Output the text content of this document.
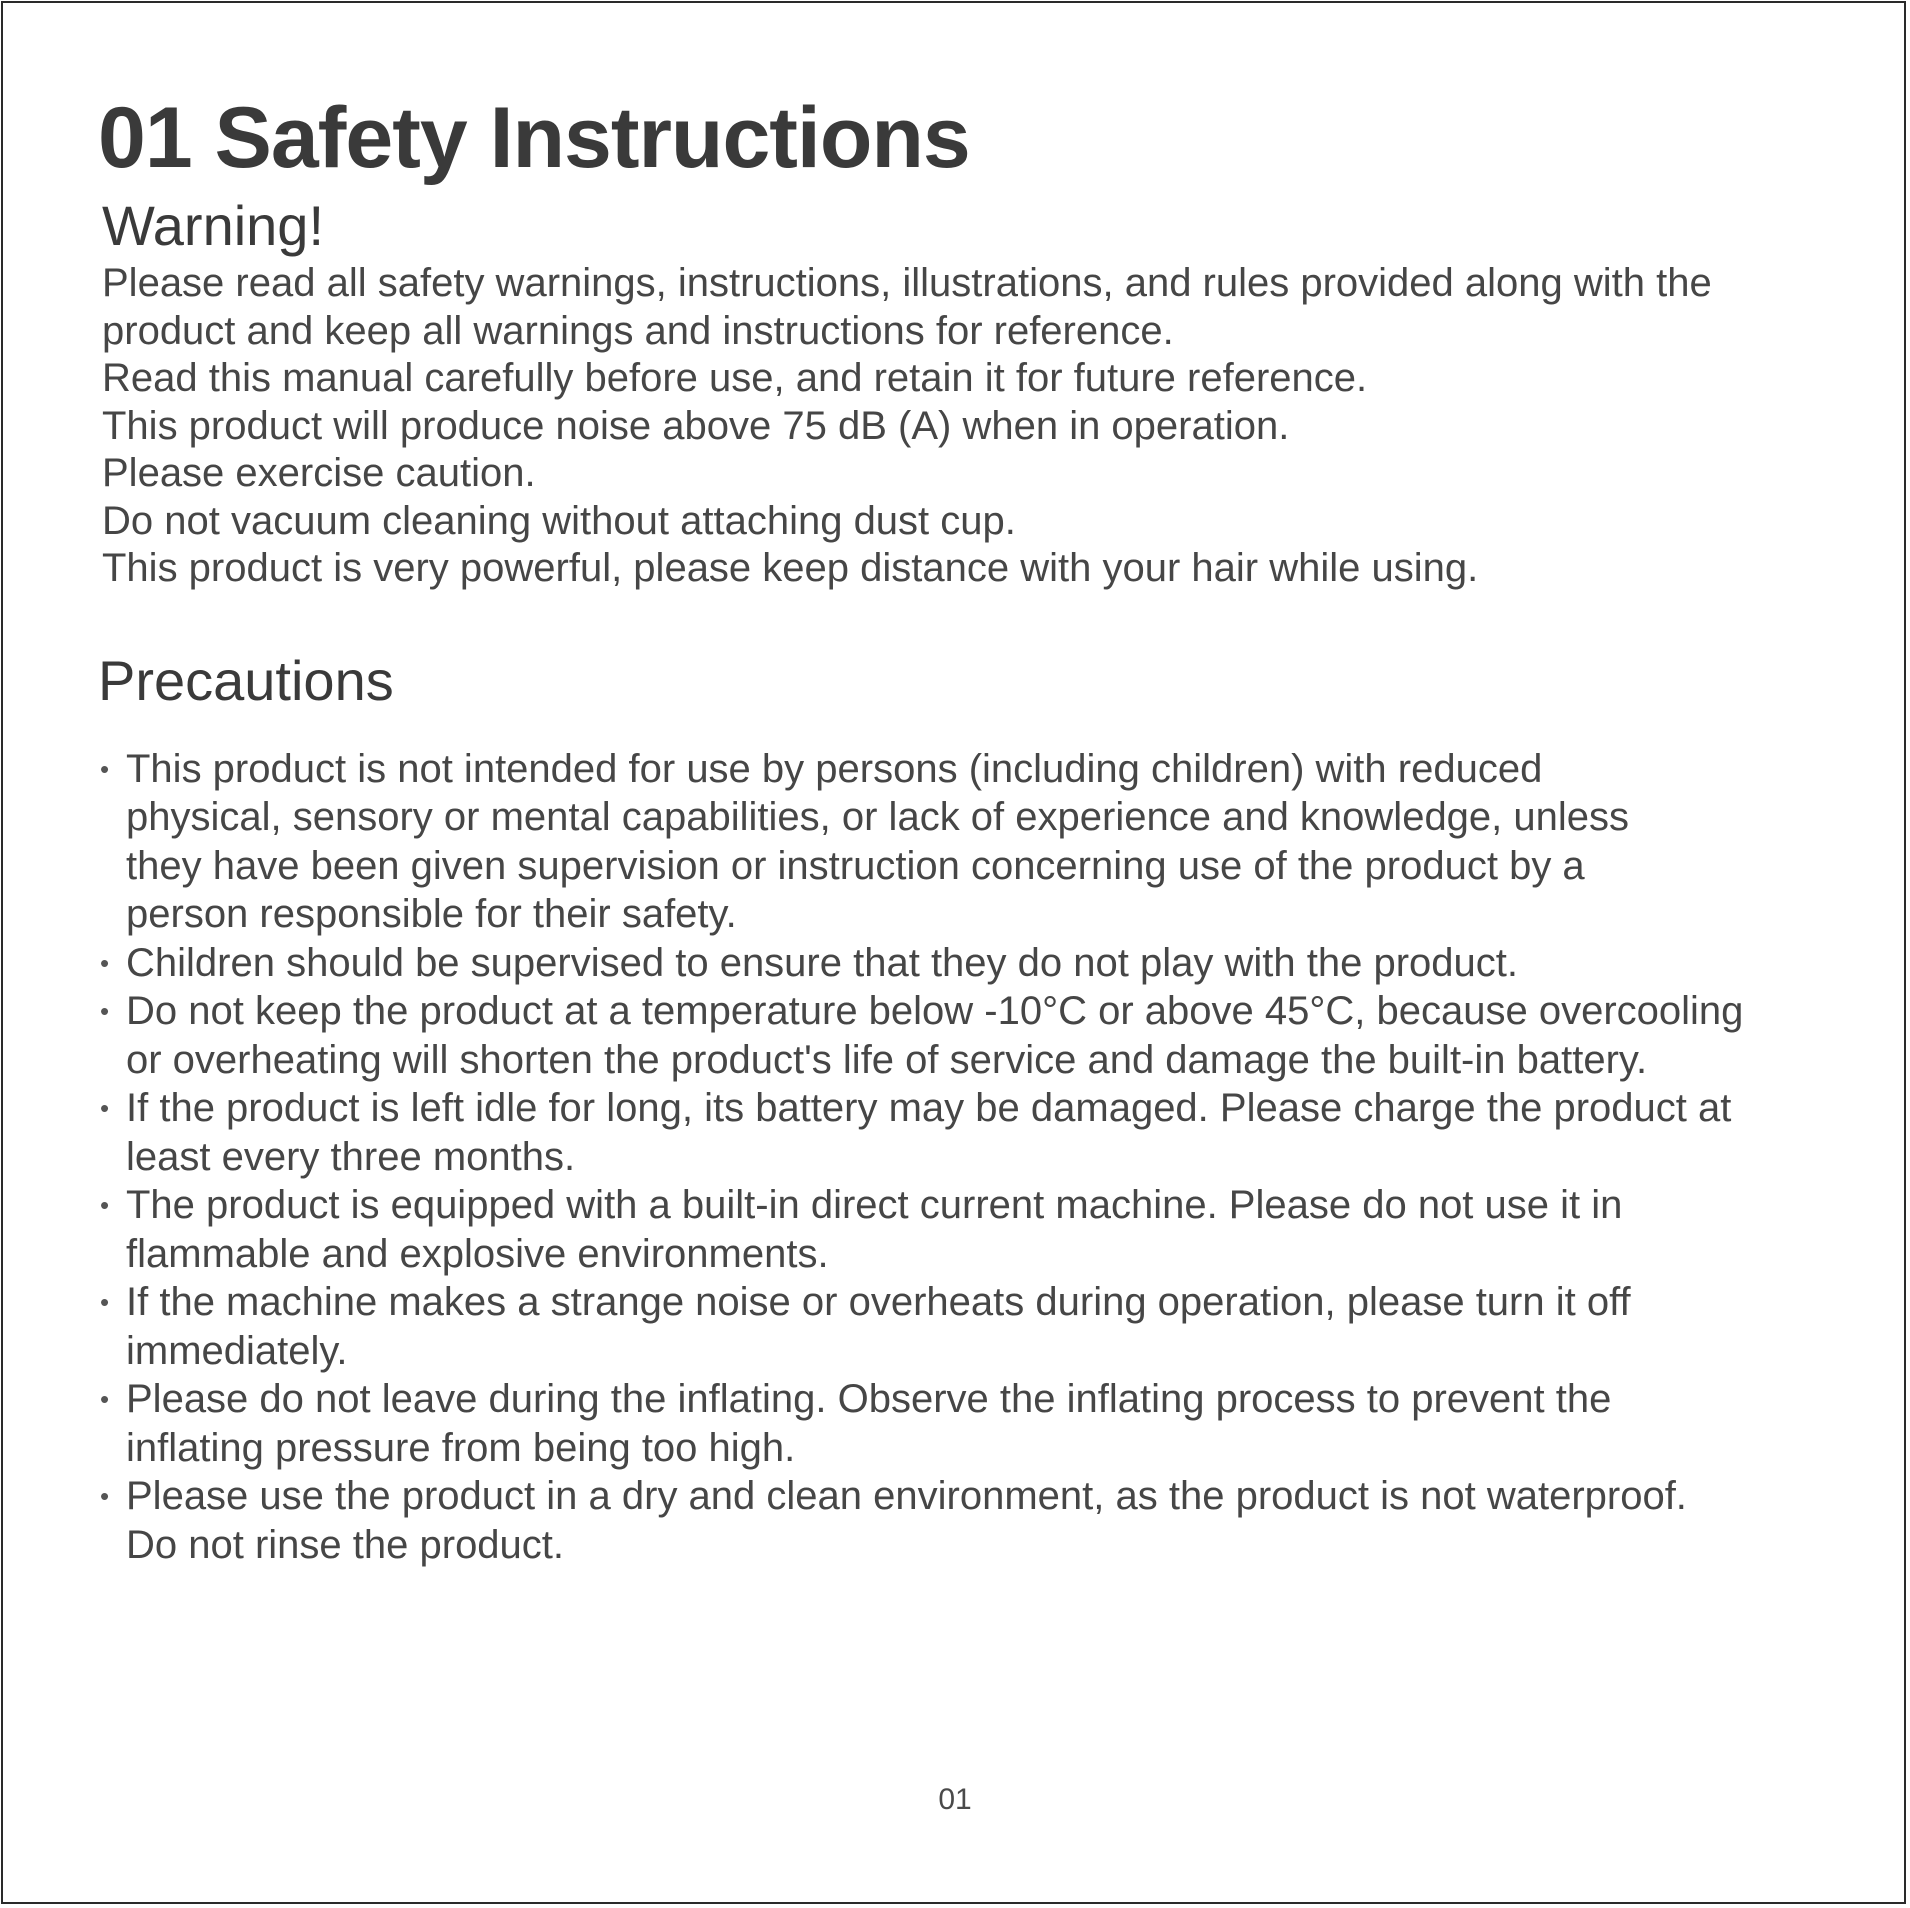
01 Safety Instructions
Warning!
Please read all safety warnings, instructions, illustrations, and rules provided along with the
product and keep all warnings and instructions for reference.
Read this manual carefully before use, and retain it for future reference.
This product will produce noise above 75 dB (A) when in operation.
Please exercise caution.
Do not vacuum cleaning without attaching dust cup.
This product is very powerful, please keep distance with your hair while using.
Precautions
• This product is not intended for use by persons (including children) with reduced
physical, sensory or mental capabilities, or lack of experience and knowledge, unless
they have been given supervision or instruction concerning use of the product by a
person responsible for their safety.
• Children should be supervised to ensure that they do not play with the product.
• Do not keep the product at a temperature below -10°C or above 45°C, because overcooling
or overheating will shorten the product's life of service and damage the built-in battery.
• If the product is left idle for long, its battery may be damaged. Please charge the product at
least every three months.
• The product is equipped with a built-in direct current machine. Please do not use it in
flammable and explosive environments.
• If the machine makes a strange noise or overheats during operation, please turn it off
immediately.
• Please do not leave during the inflating. Observe the inflating process to prevent the
inflating pressure from being too high.
• Please use the product in a dry and clean environment, as the product is not waterproof.
Do not rinse the product.
01
